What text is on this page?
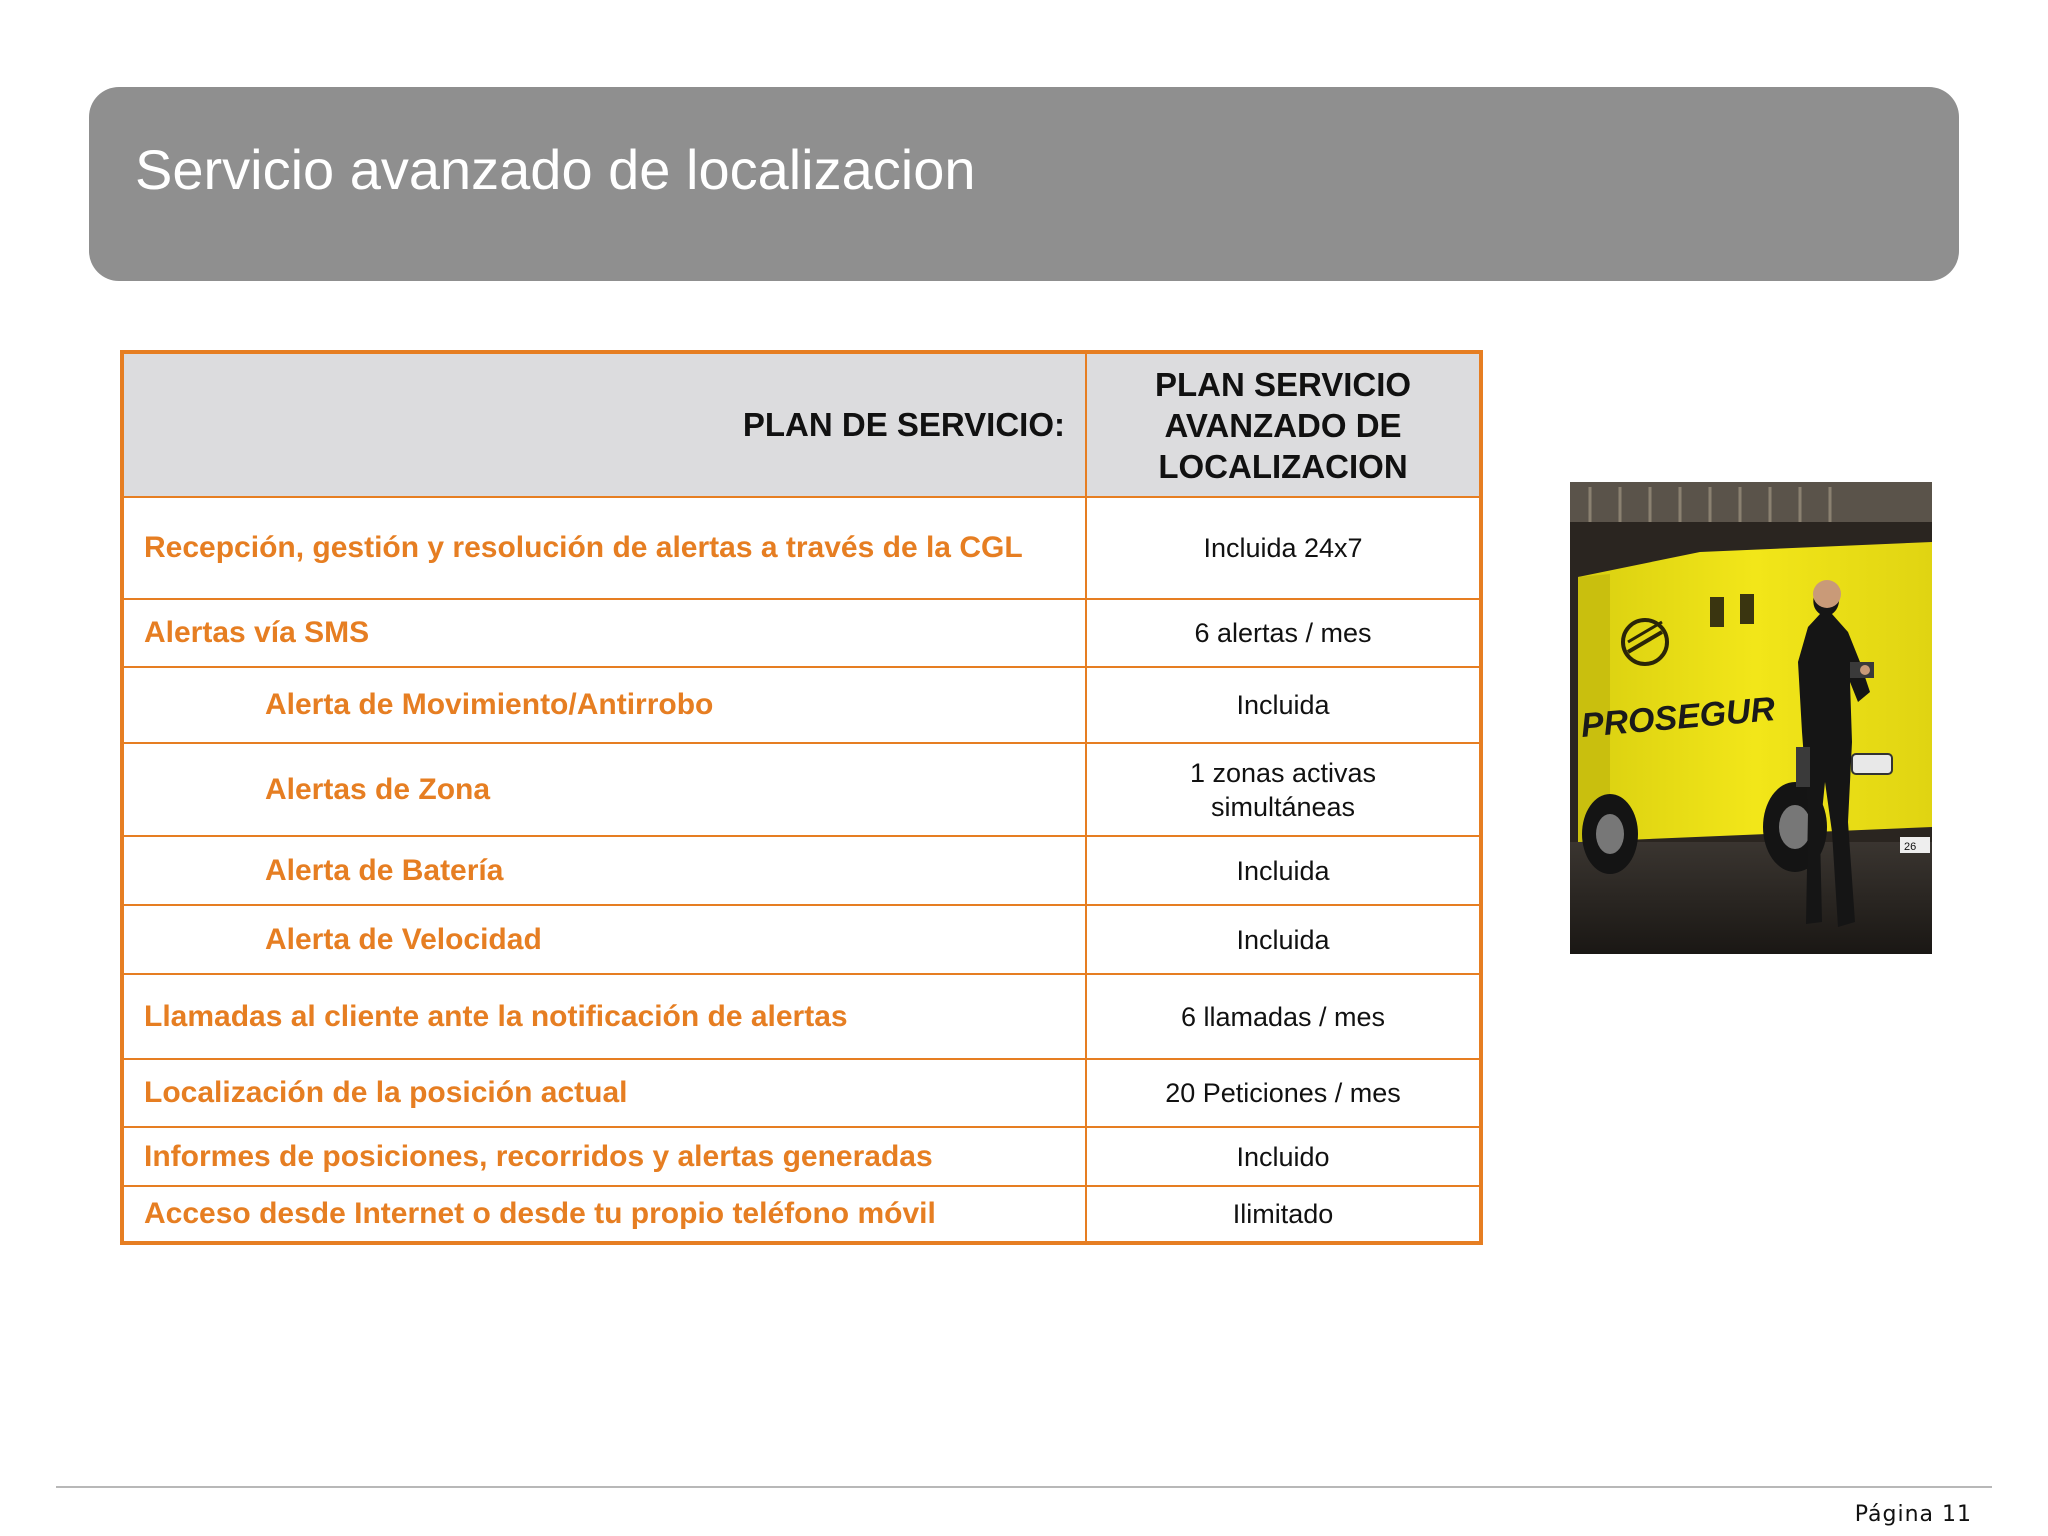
Servicio avanzado de localizacion
PLAN DE SERVICIO:	PLAN SERVICIO AVANZADO DE LOCALIZACION

Recepción, gestión y resolución de alertas a través de la CGL	Incluida 24x7
Alertas vía SMS	6 alertas / mes
Alerta de Movimiento/Antirrobo	Incluida
Alertas de Zona	1 zonas activas simultáneas

Alerta de Batería	Incluida
Alerta de Velocidad	Incluida
Llamadas al cliente ante la notificación de alertas	6 llamadas / mes
Localización de la posición actual	20 Peticiones / mes
Informes de posiciones, recorridos y alertas generadas	Incluido
Acceso desde Internet o desde tu propio teléfono móvil	Ilimitado
PROSEGUR
26
Página 11
